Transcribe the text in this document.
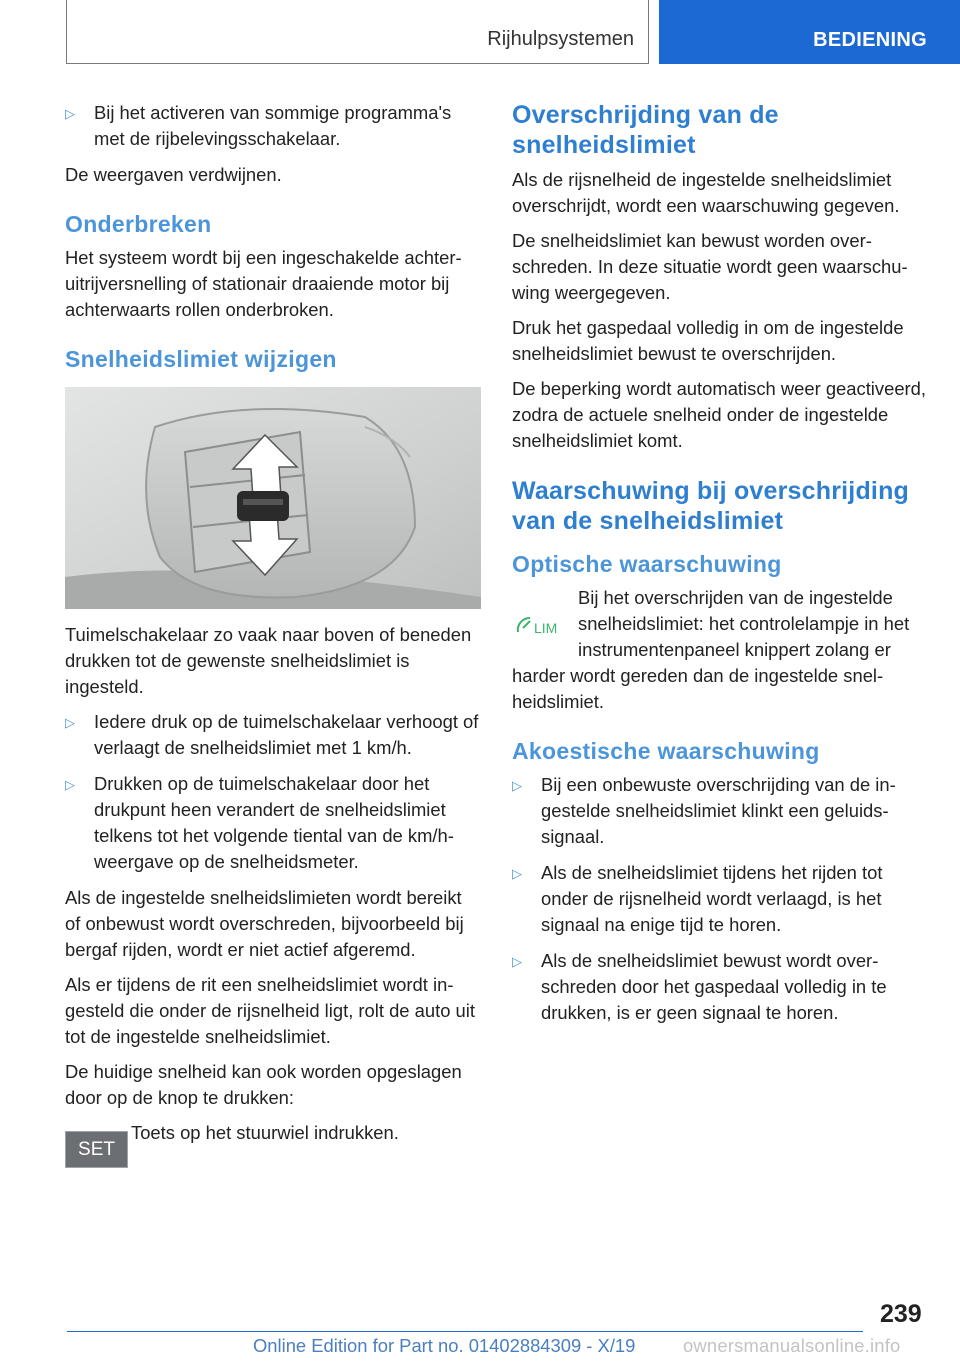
Rijhulpsystemen	BEDIENING
▷ Bij het activeren van sommige programma's met de rijbelevingsschakelaar.

De weergaven verdwijnen.

Onderbreken

Het systeem wordt bij een ingeschakelde achteruitrijversnelling of stationair draaiende motor bij achterwaarts rollen onderbroken.

Snelheidslimiet wijzigen

Tuimelschakelaar zo vaak naar boven of beneden drukken tot de gewenste snelheidslimiet is ingesteld.

▷ Iedere druk op de tuimelschakelaar verhoogt of verlaagt de snelheidslimiet met 1 km/h.
▷ Drukken op de tuimelschakelaar door het drukpunt heen verandert de snelheidslimiet telkens tot het volgende tiental van de km/h-weergave op de snelheidsmeter.

Als de ingestelde snelheidslimieten wordt bereikt of onbewust wordt overschreden, bijvoorbeeld bij bergaf rijden, wordt er niet actief afgeremd.

Als er tijdens de rit een snelheidslimiet wordt ingesteld die onder de rijsnelheid ligt, rolt de auto uit tot de ingestelde snelheidslimiet.

De huidige snelheid kan ook worden opgeslagen door op de knop te drukken:

SET

Toets op het stuurwiel indrukken.

Overschrijding van de snelheidslimiet

Als de rijsnelheid de ingestelde snelheidslimiet overschrijdt, wordt een waarschuwing gegeven.

De snelheidslimiet kan bewust worden overschreden. In deze situatie wordt geen waarschuwing weergegeven.

Druk het gaspedaal volledig in om de ingestelde snelheidslimiet bewust te overschrijden.

De beperking wordt automatisch weer geactiveerd, zodra de actuele snelheid onder de ingestelde snelheidslimiet komt.

Waarschuwing bij overschrijding van de snelheidslimiet
Optische waarschuwing
LIM

Bij het overschrijden van de ingestelde snelheidslimiet: het controlelampje in het instrumentenpaneel knippert zolang er

harder wordt gereden dan de ingestelde snelheidslimiet.

Akoestische waarschuwing
▷ Bij een onbewuste overschrijding van de ingestelde snelheidslimiet klinkt een geluidssignaal.
▷ Als de snelheidslimiet tijdens het rijden tot onder de rijsnelheid wordt verlaagd, is het signaal na enige tijd te horen.
▷ Als de snelheidslimiet bewust wordt overschreden door het gaspedaal volledig in te drukken, is er geen signaal te horen.
239
Online Edition for Part no. 01402884309 - X/19	ownersmanualsonline.info
